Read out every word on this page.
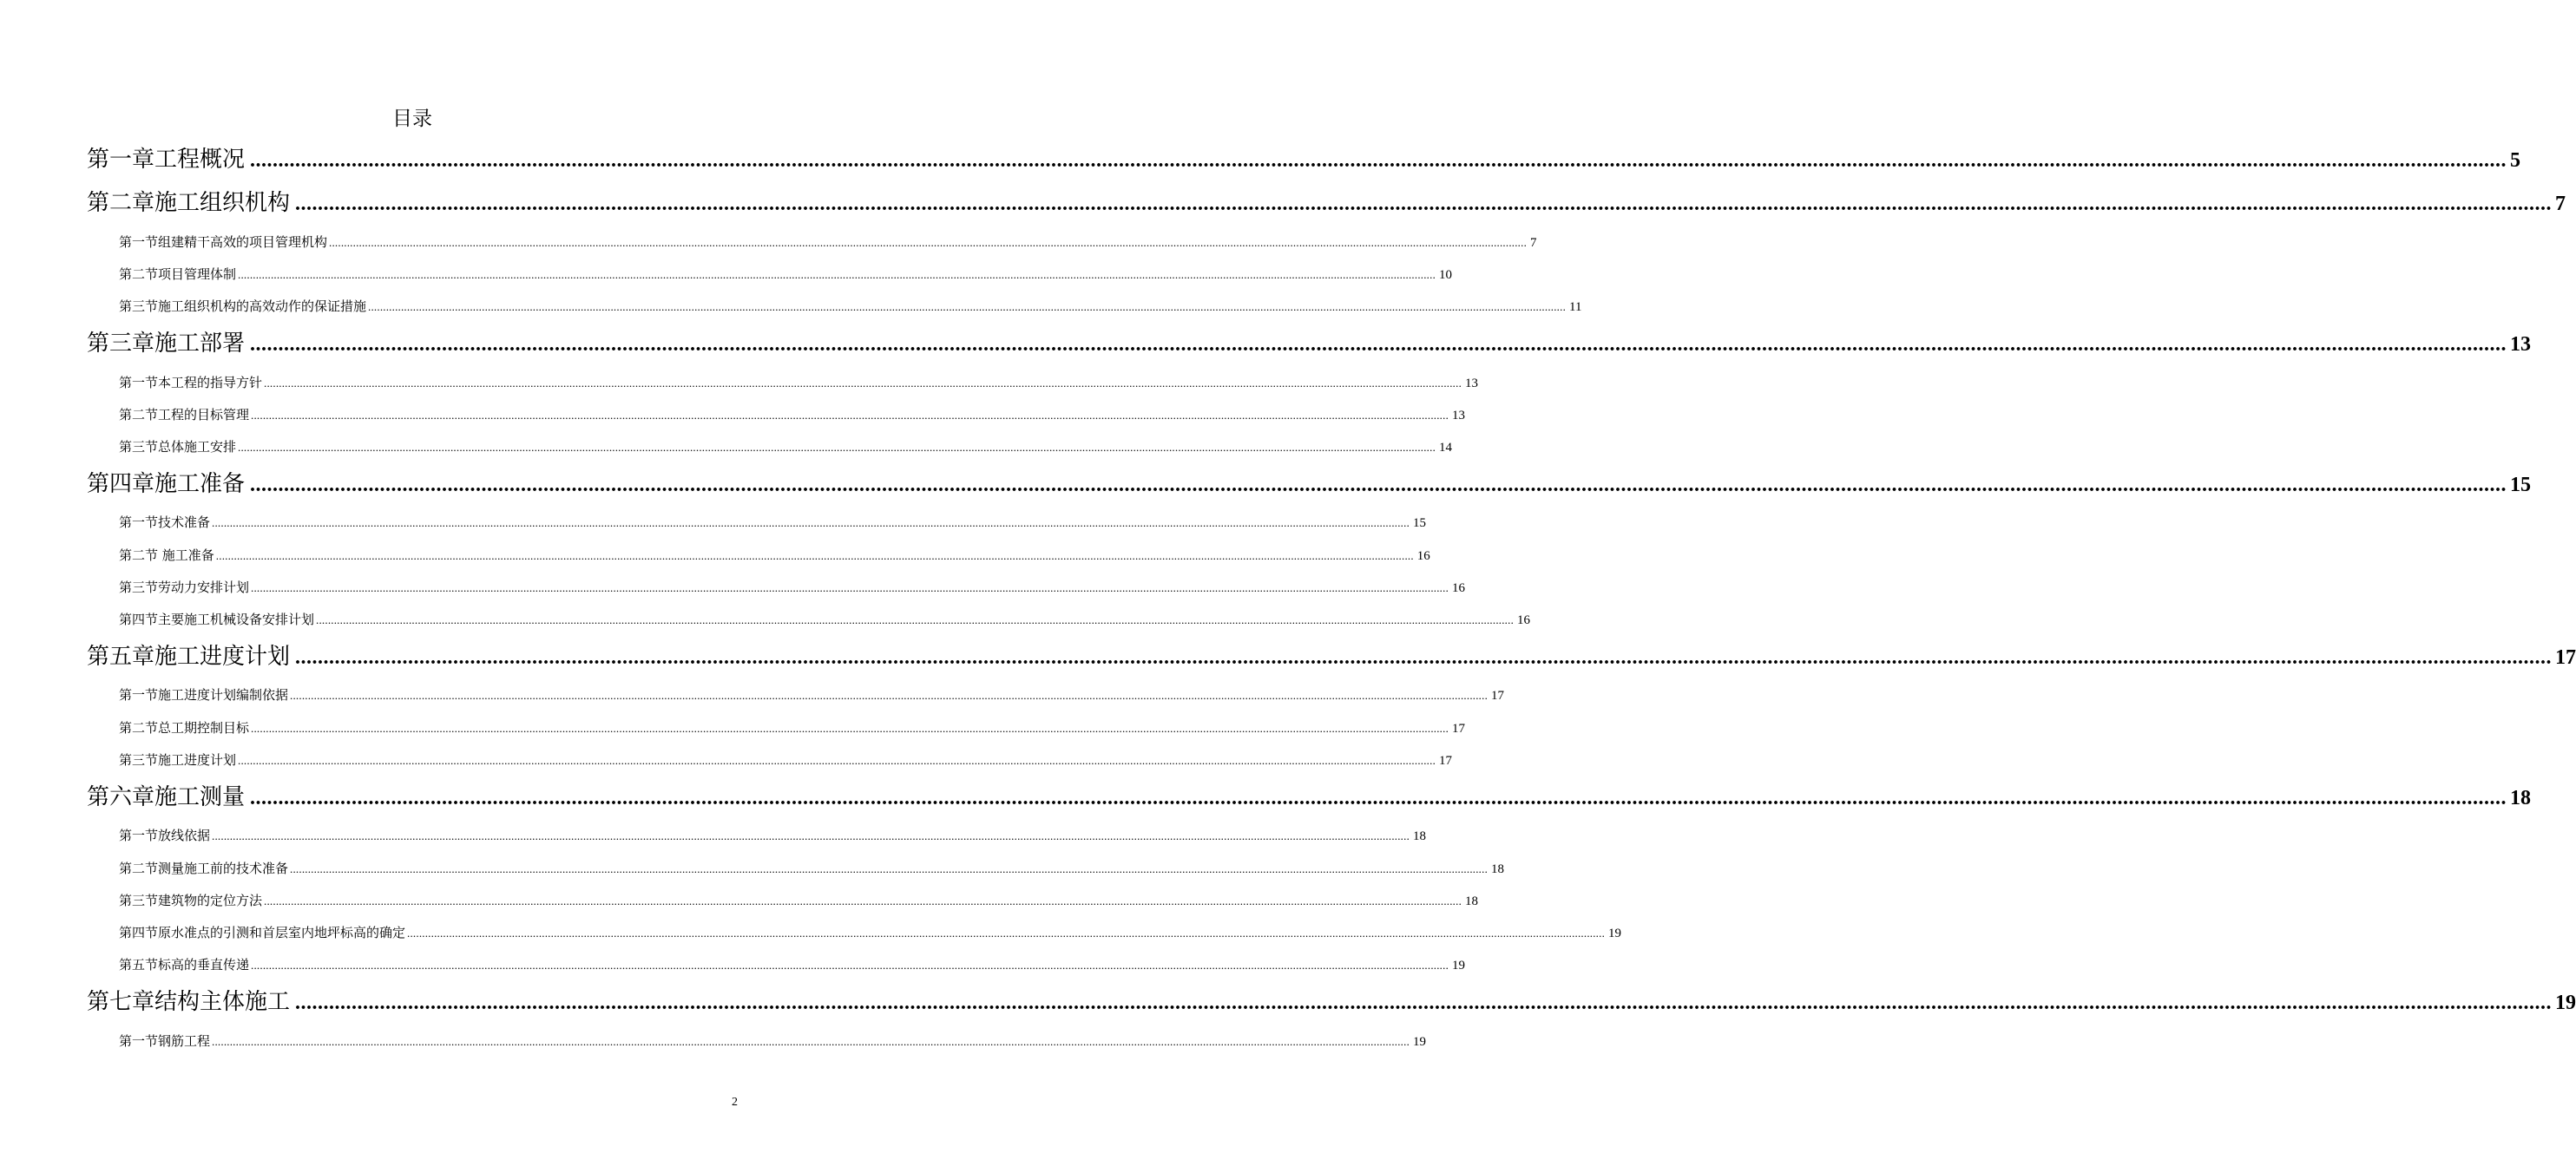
目录
第一章 工程概况 ................................................................................................................................................................................................................................................................................................................................................................................................................ 5
第二章 施工组织机构 ................................................................................................................................................................................................................................................................................................................................................................................................................ 7
第一节 组建精干高效的项目管理机构 ................................................................................................................................................................................................................................................................................................................................................................................................................ 7
第二节 项目管理体制 ................................................................................................................................................................................................................................................................................................................................................................................................................ 10
第三节 施工组织机构的高效动作的保证措施 ................................................................................................................................................................................................................................................................................................................................................................................................................ 11
第三章 施工部署 ................................................................................................................................................................................................................................................................................................................................................................................................................ 13
第一节 本工程的指导方针 ................................................................................................................................................................................................................................................................................................................................................................................................................ 13
第二节 工程的目标管理 ................................................................................................................................................................................................................................................................................................................................................................................................................ 13
第三节 总体施工安排 ................................................................................................................................................................................................................................................................................................................................................................................................................ 14
第四章 施工准备 ................................................................................................................................................................................................................................................................................................................................................................................................................ 15
第一节 技术准备 ................................................................................................................................................................................................................................................................................................................................................................................................................ 15
第二节 施工准备 ................................................................................................................................................................................................................................................................................................................................................................................................................ 16
第三节 劳动力安排计划 ................................................................................................................................................................................................................................................................................................................................................................................................................ 16
第四节 主要施工机械设备安排计划 ................................................................................................................................................................................................................................................................................................................................................................................................................ 16
第五章 施工进度计划 ................................................................................................................................................................................................................................................................................................................................................................................................................ 17
第一节 施工进度计划编制依据 ................................................................................................................................................................................................................................................................................................................................................................................................................ 17
第二节 总工期控制目标 ................................................................................................................................................................................................................................................................................................................................................................................................................ 17
第三节 施工进度计划 ................................................................................................................................................................................................................................................................................................................................................................................................................ 17
第六章 施工测量 ................................................................................................................................................................................................................................................................................................................................................................................................................ 18
第一节 放线依据 ................................................................................................................................................................................................................................................................................................................................................................................................................ 18
第二节 测量施工前的技术准备 ................................................................................................................................................................................................................................................................................................................................................................................................................ 18
第三节 建筑物的定位方法 ................................................................................................................................................................................................................................................................................................................................................................................................................ 18
第四节 原水准点的引测和首层室内地坪标高的确定 ................................................................................................................................................................................................................................................................................................................................................................................................................ 19
第五节 标高的垂直传递 ................................................................................................................................................................................................................................................................................................................................................................................................................ 19
第七章 结构主体施工 ................................................................................................................................................................................................................................................................................................................................................................................................................ 19
第一节 钢筋工程 ................................................................................................................................................................................................................................................................................................................................................................................................................ 19
2
